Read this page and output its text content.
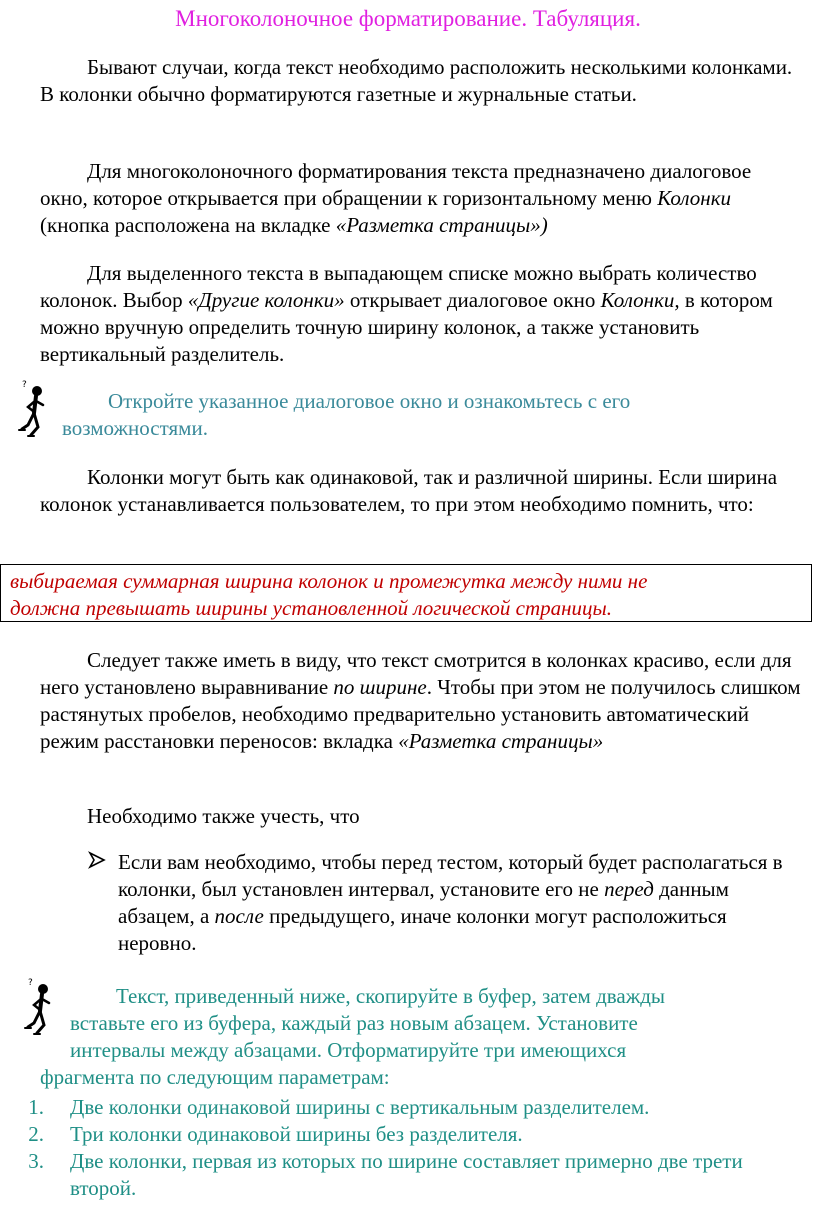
Многоколоночное форматирование. Табуляция.

Бывают случаи, когда текст необходимо расположить несколькими колонками. В колонки обычно форматируются газетные и журнальные статьи.

Для многоколоночного форматирования текста предназначено диалоговое окно, которое открывается при обращении к горизонтальному меню Колонки (кнопка расположена на вкладке «Разметка страницы»)

Для выделенного текста в выпадающем списке можно выбрать количество колонок. Выбор «Другие колонки» открывает диалоговое окно Колонки, в котором можно вручную определить точную ширину колонок, а также установить вертикальный разделитель.

?
Откройте указанное диалоговое окно и ознакомьтесь с его
возможностями.

Колонки могут быть как одинаковой, так и различной ширины. Если ширина колонок устанавливается пользователем, то при этом необходимо помнить, что:

выбираемая суммарная ширина колонок и промежутка между ними не
должна превышать ширины установленной логической страницы.

Следует также иметь в виду, что текст смотрится в колонках красиво, если для него установлено выравнивание по ширине. Чтобы при этом не получилось слишком растянутых пробелов, необходимо предварительно установить автоматический режим расстановки переносов: вкладка «Разметка страницы»

Необходимо также учесть, что

Если вам необходимо, чтобы перед тестом, который будет располагаться в колонки, был установлен интервал, установите его не перед данным абзацем, а после предыдущего, иначе колонки могут расположиться неровно.
?
Текст, приведенный ниже, скопируйте в буфер, затем дважды
вставьте его из буфера, каждый раз новым абзацем. Установите
интервалы между абзацами. Отформатируйте три имеющихся
фрагмента по следующим параметрам:
1. Две колонки одинаковой ширины с вертикальным разделителем.
2. Три колонки одинаковой ширины без разделителя.
3. Две колонки, первая из которых по ширине составляет примерно две трети второй.
